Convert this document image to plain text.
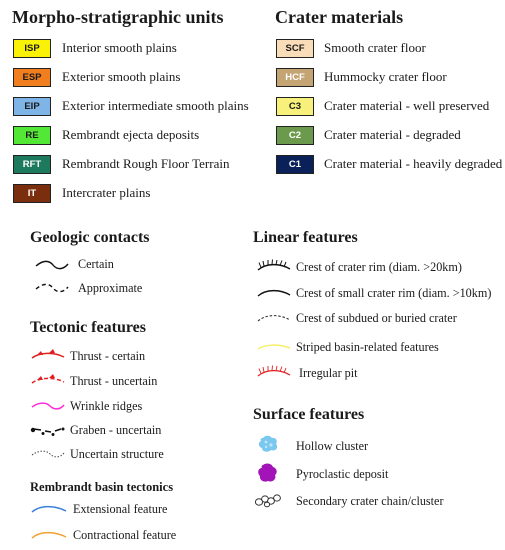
Morpho-stratigraphic units
ISP Interior smooth plains
ESP Exterior smooth plains
EIP Exterior intermediate smooth plains
RE Rembrandt ejecta deposits
RFT Rembrandt Rough Floor Terrain
IT Intercrater plains
Crater materials
SCF Smooth crater floor
HCF Hummocky crater floor
C3 Crater material - well preserved
C2 Crater material - degraded
C1 Crater material - heavily degraded
Geologic contacts
Certain
Approximate
Tectonic features
Thrust - certain
Thrust - uncertain
Wrinkle ridges
Graben - uncertain
Uncertain structure
Rembrandt basin tectonics
Extensional feature
Contractional feature
Linear features
Crest of crater rim (diam. >20km)
Crest of small crater rim (diam. >10km)
Crest of subdued or buried crater
Striped basin-related features
Irregular pit
Surface features
Hollow cluster
Pyroclastic deposit
Secondary crater chain/cluster
